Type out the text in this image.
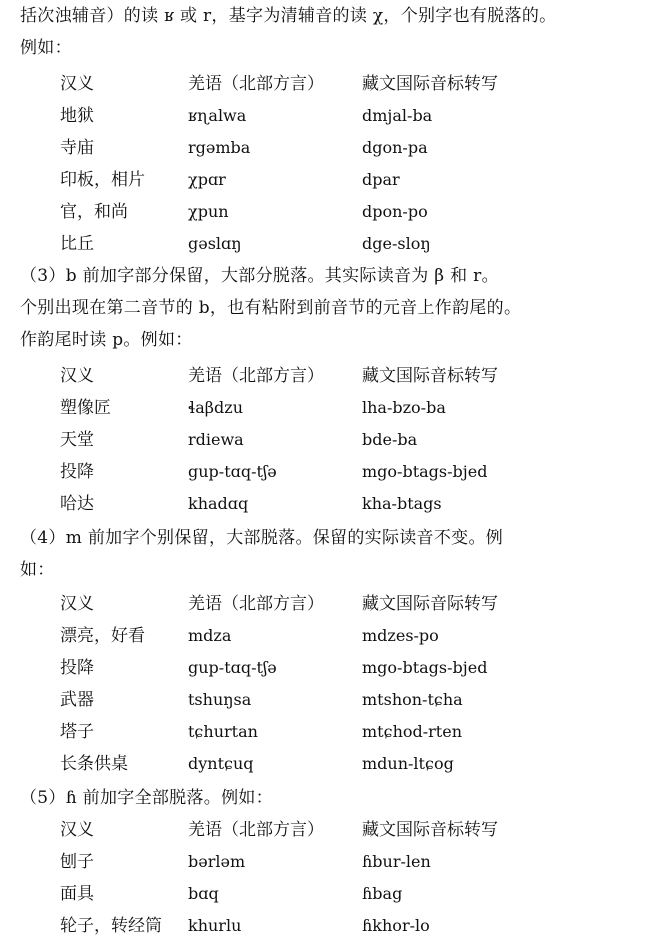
括次浊辅音）的读 ʁ 或 r，基字为清辅音的读 χ，个别字也有脱落的。
例如：
汉义	羌语（北部方言） 藏文国际音标转写
地狱	ʁɳalwa	dmjal-ba
寺庙	rgəmba	dgon-pa
印板，相片	χpɑr	dpar
官，和尚	χpun	dpon-po
比丘	gəslɑŋ	dge-sloŋ
（3）b 前加字部分保留，大部分脱落。其实际读音为 β 和 r。
个别出现在第二音节的 b，也有粘附到前音节的元音上作韵尾的。
作韵尾时读 p。例如：
汉义	羌语（北部方言） 藏文国际音标转写
塑像匠	ɬaβdzu	lha-bzo-ba
天堂	rdiewa	bde-ba
投降	gup-tɑq-tʃə	mgo-btags-bjed
哈达	khadɑq	kha-btags
（4）m 前加字个别保留，大部脱落。保留的实际读音不变。例
如：
汉义	羌语（北部方言） 藏文国际音际转写
漂亮，好看	mdza	mdzes-po
投降	gup-tɑq-tʃə	mgo-btags-bjed
武器	tshuŋsa	mtshon-tɕha
塔子	tɕhurtan	mtɕhod-rten
长条供桌	dyntɕuq	mdun-ltɕog
（5）ɦ 前加字全部脱落。例如：
汉义	羌语（北部方言） 藏文国际音标转写
刨子	bərləm	ɦbur-len
面具	bɑq	ɦbag
轮子，转经筒 khurlu	ɦkhor-lo
